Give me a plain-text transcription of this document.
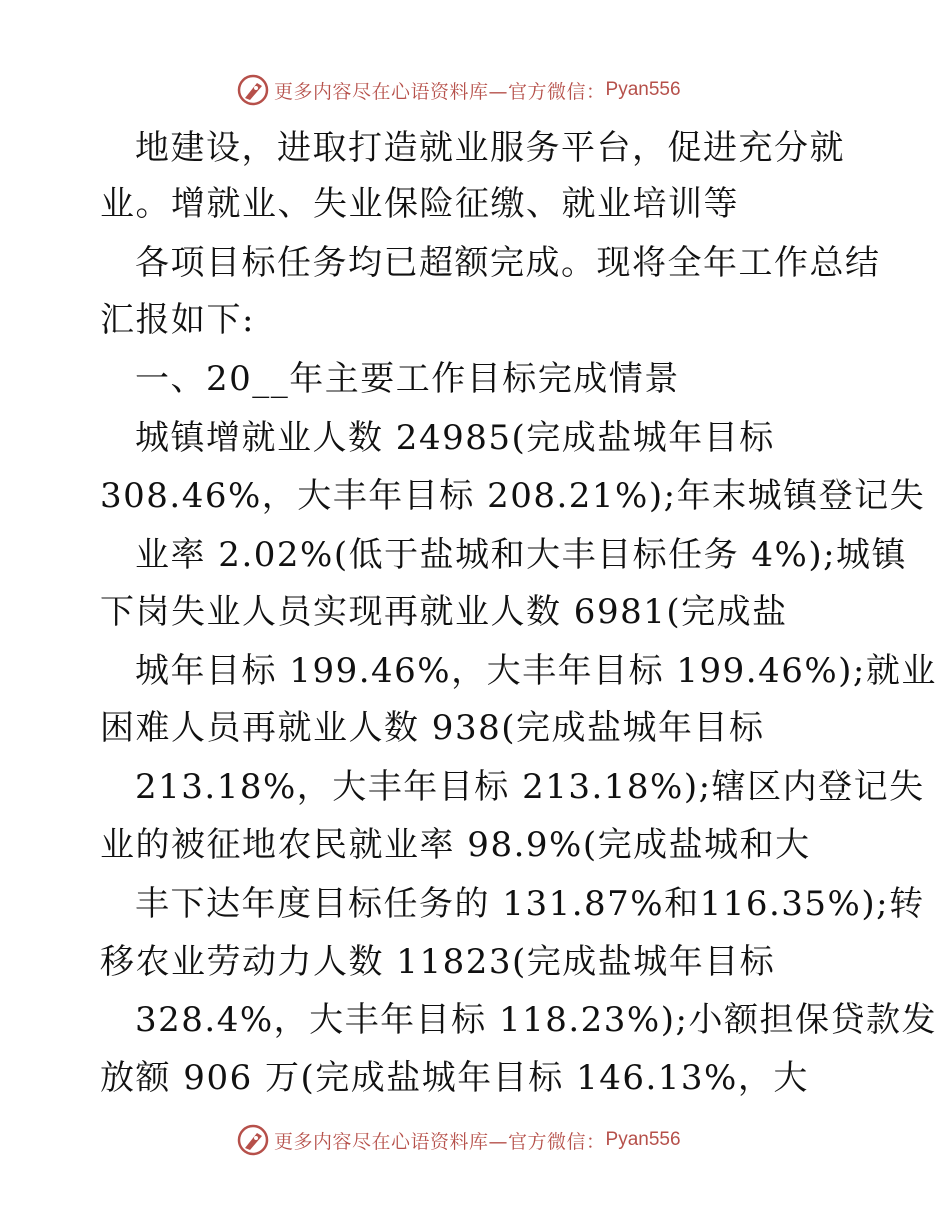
更多内容尽在心语资料库—官方微信： Pyan556
地建设，进取打造就业服务平台，促进充分就
业。增就业、失业保险征缴、就业培训等
各项目标任务均已超额完成。现将全年工作总结
汇报如下:
一、20__年主要工作目标完成情景
城镇增就业人数 24985(完成盐城年目标
308.46%，大丰年目标 208.21%);年末城镇登记失
业率 2.02%(低于盐城和大丰目标任务 4%);城镇
下岗失业人员实现再就业人数 6981(完成盐
城年目标 199.46%，大丰年目标 199.46%);就业
困难人员再就业人数 938(完成盐城年目标
213.18%，大丰年目标 213.18%);辖区内登记失
业的被征地农民就业率 98.9%(完成盐城和大
丰下达年度目标任务的 131.87%和116.35%);转
移农业劳动力人数 11823(完成盐城年目标
328.4%，大丰年目标 118.23%);小额担保贷款发
放额 906 万(完成盐城年目标 146.13%，大
更多内容尽在心语资料库—官方微信： Pyan556
